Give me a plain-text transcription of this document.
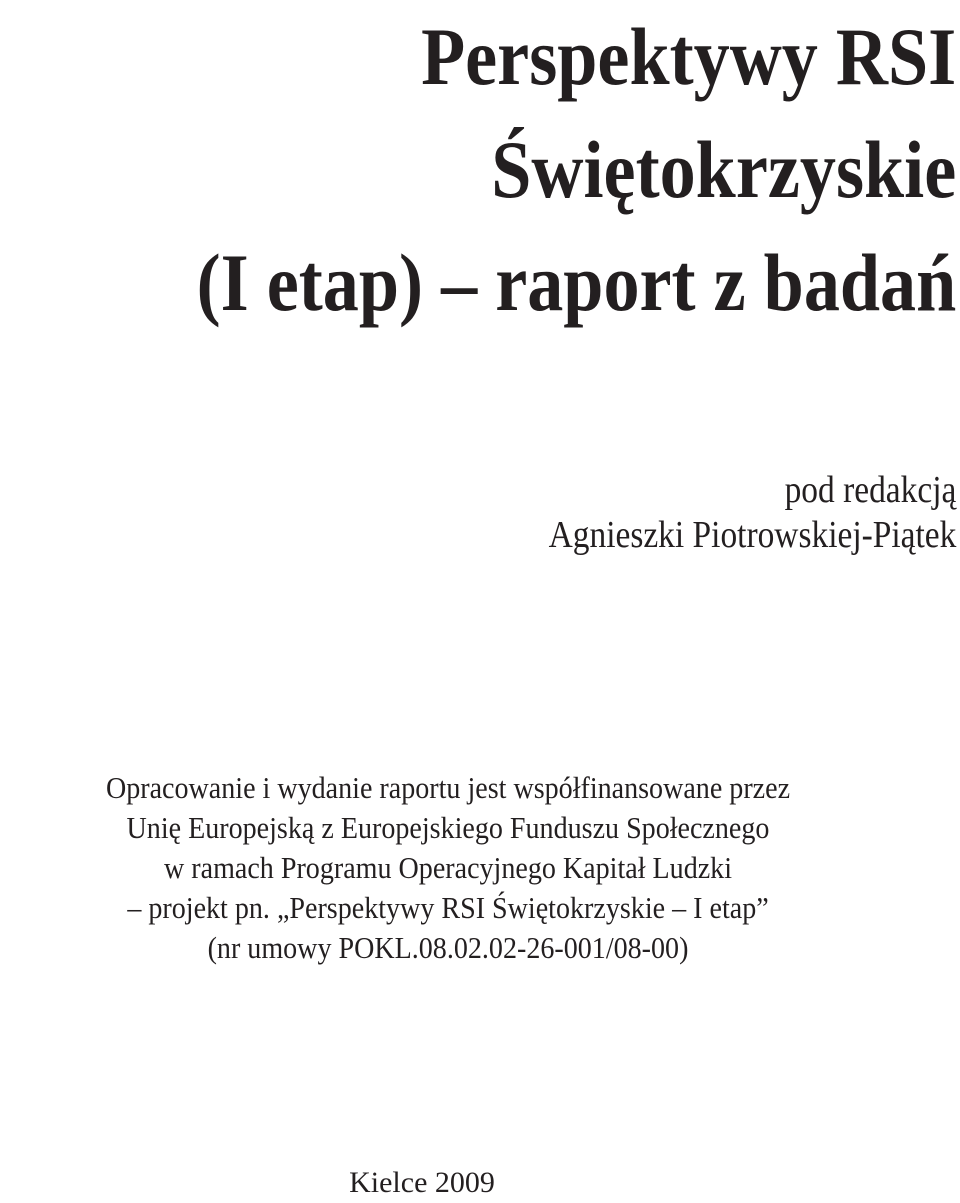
Perspektywy RSI
Świętokrzyskie
(I etap) – raport z badań
pod redakcją
Agnieszki Piotrowskiej-Piątek
Opracowanie i wydanie raportu jest współfinansowane przez
Unię Europejską z Europejskiego Funduszu Społecznego
w ramach Programu Operacyjnego Kapitał Ludzki
– projekt pn. „Perspektywy RSI Świętokrzyskie – I etap”
(nr umowy POKL.08.02.02-26-001/08-00)
Kielce 2009
